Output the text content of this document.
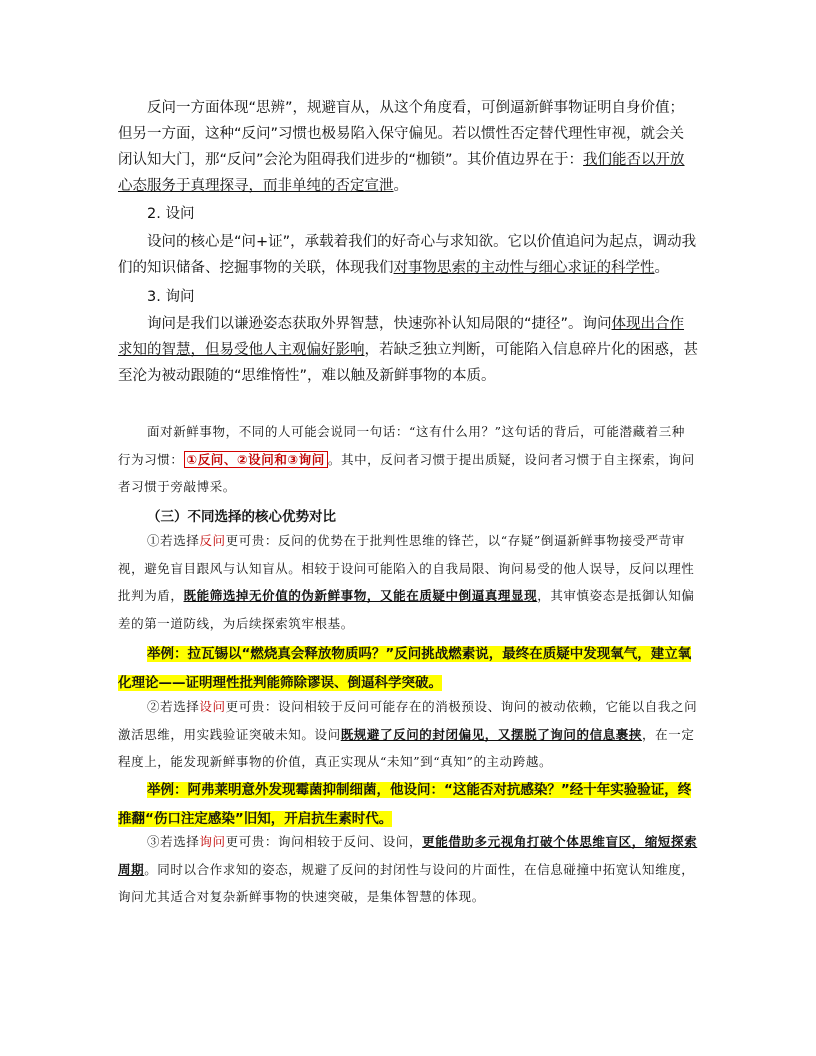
反问一方面体现“思辨”，规避盲从，从这个角度看，可倒逼新鲜事物证明自身价值；但另一方面，这种“反问”习惯也极易陷入保守偏见。若以惯性否定替代理性审视，就会关闭认知大门，那“反问”会沦为阻碍我们进步的“枷锁”。其价值边界在于：我们能否以开放心态服务于真理探寻，而非单纯的否定宣泄。

2. 设问

设问的核心是“问+证”，承载着我们的好奇心与求知欲。它以价值追问为起点，调动我们的知识储备、挖掘事物的关联，体现我们对事物思索的主动性与细心求证的科学性。

3. 询问

询问是我们以谦逊姿态获取外界智慧，快速弥补认知局限的“捷径”。询问体现出合作求知的智慧，但易受他人主观偏好影响，若缺乏独立判断，可能陷入信息碎片化的困惑，甚至沦为被动跟随的“思维惰性”，难以触及新鲜事物的本质。

面对新鲜事物，不同的人可能会说同一句话：“这有什么用？”这句话的背后，可能潜藏着三种行为习惯： ①反问、②设问和③询问 。其中，反问者习惯于提出质疑，设问者习惯于自主探索，询问者习惯于旁敲博采。

（三）不同选择的核心优势对比

①若选择反问更可贵：反问的优势在于批判性思维的锋芒，以“存疑”倒逼新鲜事物接受严苛审视，避免盲目跟风与认知盲从。相较于设问可能陷入的自我局限、询问易受的他人误导，反问以理性批判为盾，既能筛选掉无价值的伪新鲜事物，又能在质疑中倒逼真理显现，其审慎姿态是抵御认知偏差的第一道防线，为后续探索筑牢根基。

举例：拉瓦锡以“燃烧真会释放物质吗？”反问挑战燃素说，最终在质疑中发现氧气，建立氧化理论——证明理性批判能筛除谬误、倒逼科学突破。

②若选择设问更可贵：设问相较于反问可能存在的消极预设、询问的被动依赖，它能以自我之问激活思维，用实践验证突破未知。设问既规避了反问的封闭偏见，又摆脱了询问的信息裹挟，在一定程度上，能发现新鲜事物的价值，真正实现从“未知”到“真知”的主动跨越。

举例：阿弗莱明意外发现霉菌抑制细菌，他设问：“这能否对抗感染？”经十年实验验证，终推翻“伤口注定感染”旧知，开启抗生素时代。

③若选择询问更可贵：询问相较于反问、设问，更能借助多元视角打破个体思维盲区，缩短探索周期。同时以合作求知的姿态，规避了反问的封闭性与设问的片面性，在信息碰撞中拓宽认知维度，询问尤其适合对复杂新鲜事物的快速突破，是集体智慧的体现。
